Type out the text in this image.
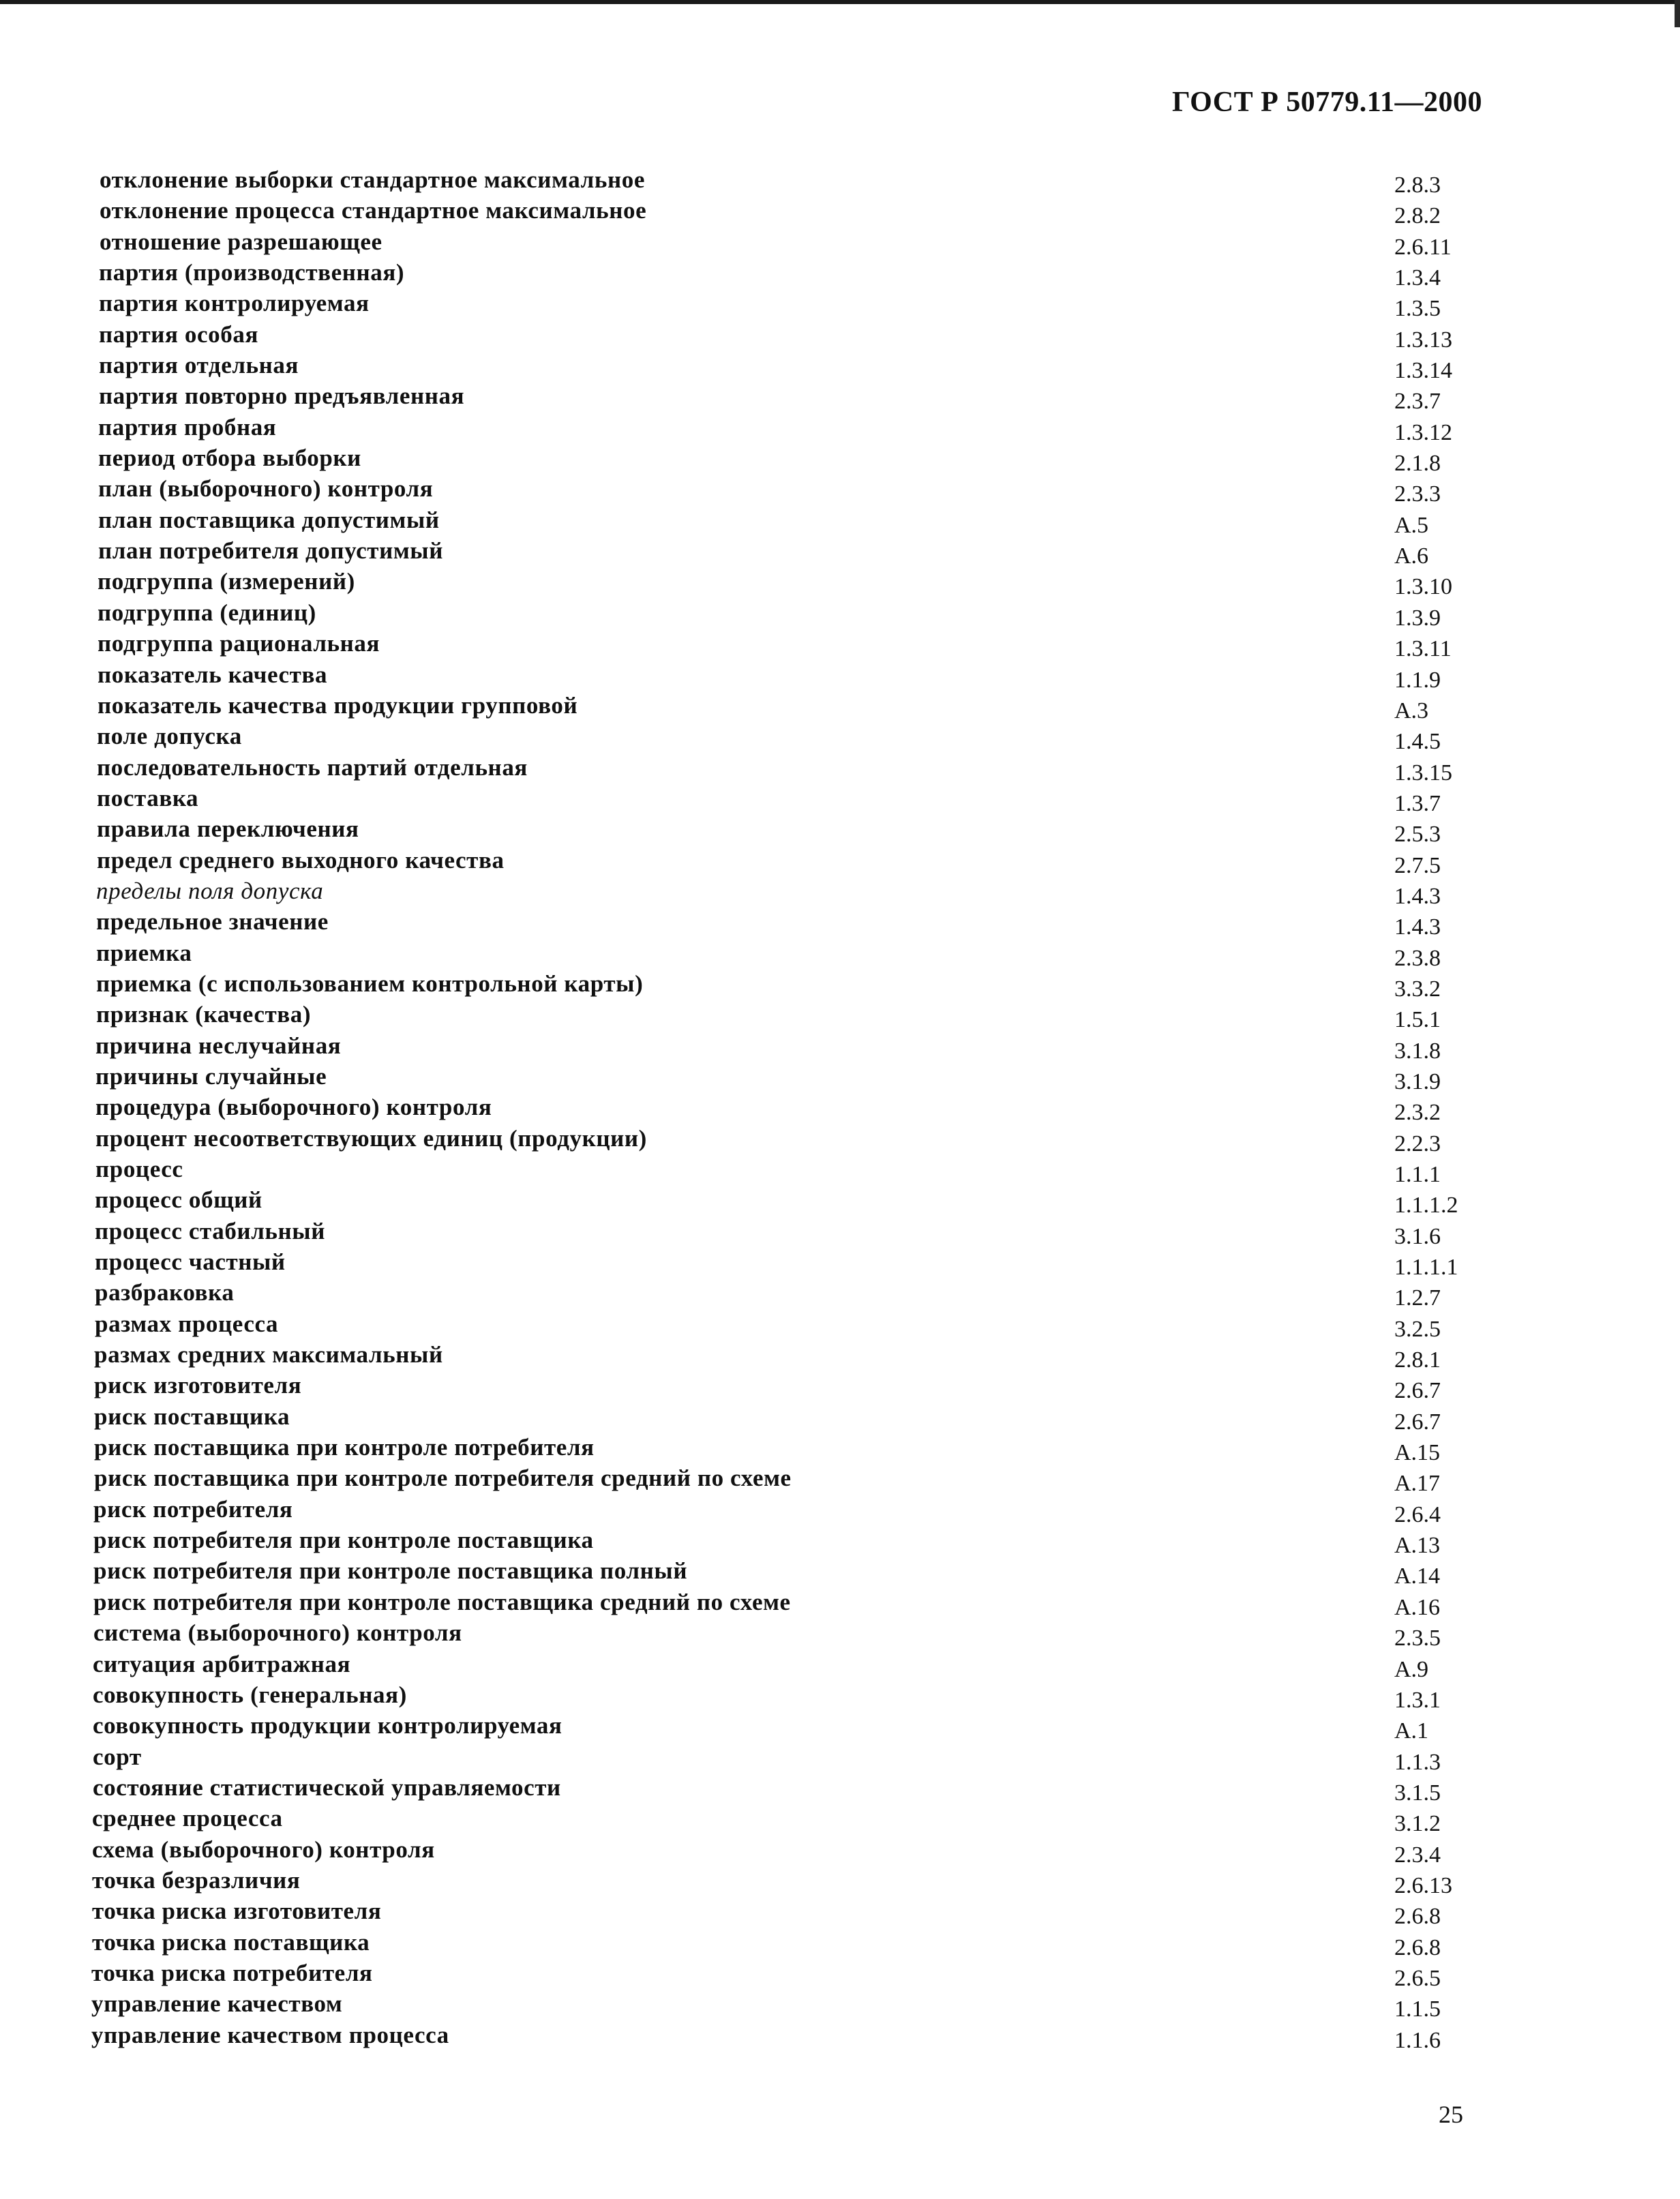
ГОСТ Р 50779.11—2000
отклонение выборки стандартное максимальное	2.8.3
отклонение процесса стандартное максимальное	2.8.2
отношение разрешающее	2.6.11
партия (производственная)	1.3.4
партия контролируемая	1.3.5
партия особая	1.3.13
партия отдельная	1.3.14
партия повторно предъявленная	2.3.7
партия пробная	1.3.12
период отбора выборки	2.1.8
план (выборочного) контроля	2.3.3
план поставщика допустимый	А.5
план потребителя допустимый	А.6
подгруппа (измерений)	1.3.10
подгруппа (единиц)	1.3.9
подгруппа рациональная	1.3.11
показатель качества	1.1.9
показатель качества продукции групповой	А.3
поле допуска	1.4.5
последовательность партий отдельная	1.3.15
поставка	1.3.7
правила переключения	2.5.3
предел среднего выходного качества	2.7.5
пределы поля допуска	1.4.3
предельное значение	1.4.3
приемка	2.3.8
приемка (с использованием контрольной карты)	3.3.2
признак (качества)	1.5.1
причина неслучайная	3.1.8
причины случайные	3.1.9
процедура (выборочного) контроля	2.3.2
процент несоответствующих единиц (продукции)	2.2.3
процесс	1.1.1
процесс общий	1.1.1.2
процесс стабильный	3.1.6
процесс частный	1.1.1.1
разбраковка	1.2.7
размах процесса	3.2.5
размах средних максимальный	2.8.1
риск изготовителя	2.6.7
риск поставщика	2.6.7
риск поставщика при контроле потребителя	А.15
риск поставщика при контроле потребителя средний по схеме	А.17
риск потребителя	2.6.4
риск потребителя при контроле поставщика	А.13
риск потребителя при контроле поставщика полный	А.14
риск потребителя при контроле поставщика средний по схеме	А.16
система (выборочного) контроля	2.3.5
ситуация арбитражная	А.9
совокупность (генеральная)	1.3.1
совокупность продукции контролируемая	А.1
сорт	1.1.3
состояние статистической управляемости	3.1.5
среднее процесса	3.1.2
схема (выборочного) контроля	2.3.4
точка безразличия	2.6.13
точка риска изготовителя	2.6.8
точка риска поставщика	2.6.8
точка риска потребителя	2.6.5
управление качеством	1.1.5
управление качеством процесса	1.1.6
25
